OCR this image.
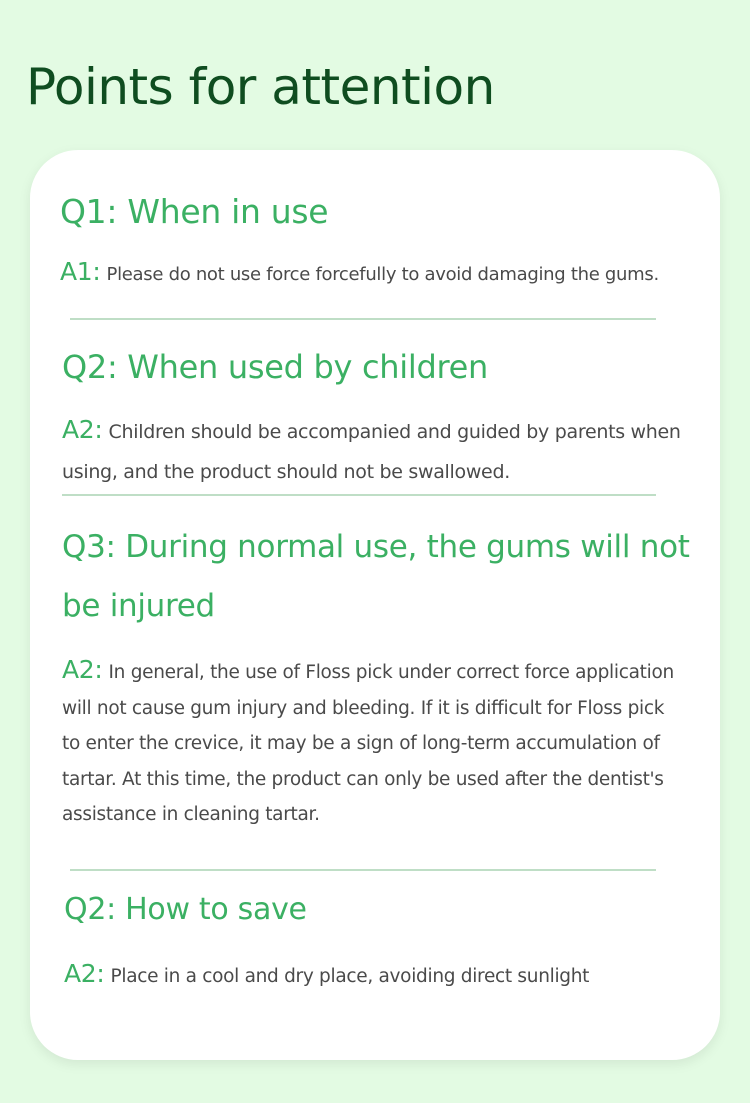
Points for attention
Q1: When in use

A1: Please do not use force forcefully to avoid damaging the gums.

Q2: When used by children

A2: Children should be accompanied and guided by parents when using, and the product should not be swallowed.

Q3: During normal use, the gums will not be injured

A2: In general, the use of Floss pick under correct force application will not cause gum injury and bleeding. If it is difficult for Floss pick to enter the crevice, it may be a sign of long-term accumulation of tartar. At this time, the product can only be used after the dentist's assistance in cleaning tartar.

Q2: How to save

A2: Place in a cool and dry place, avoiding direct sunlight
